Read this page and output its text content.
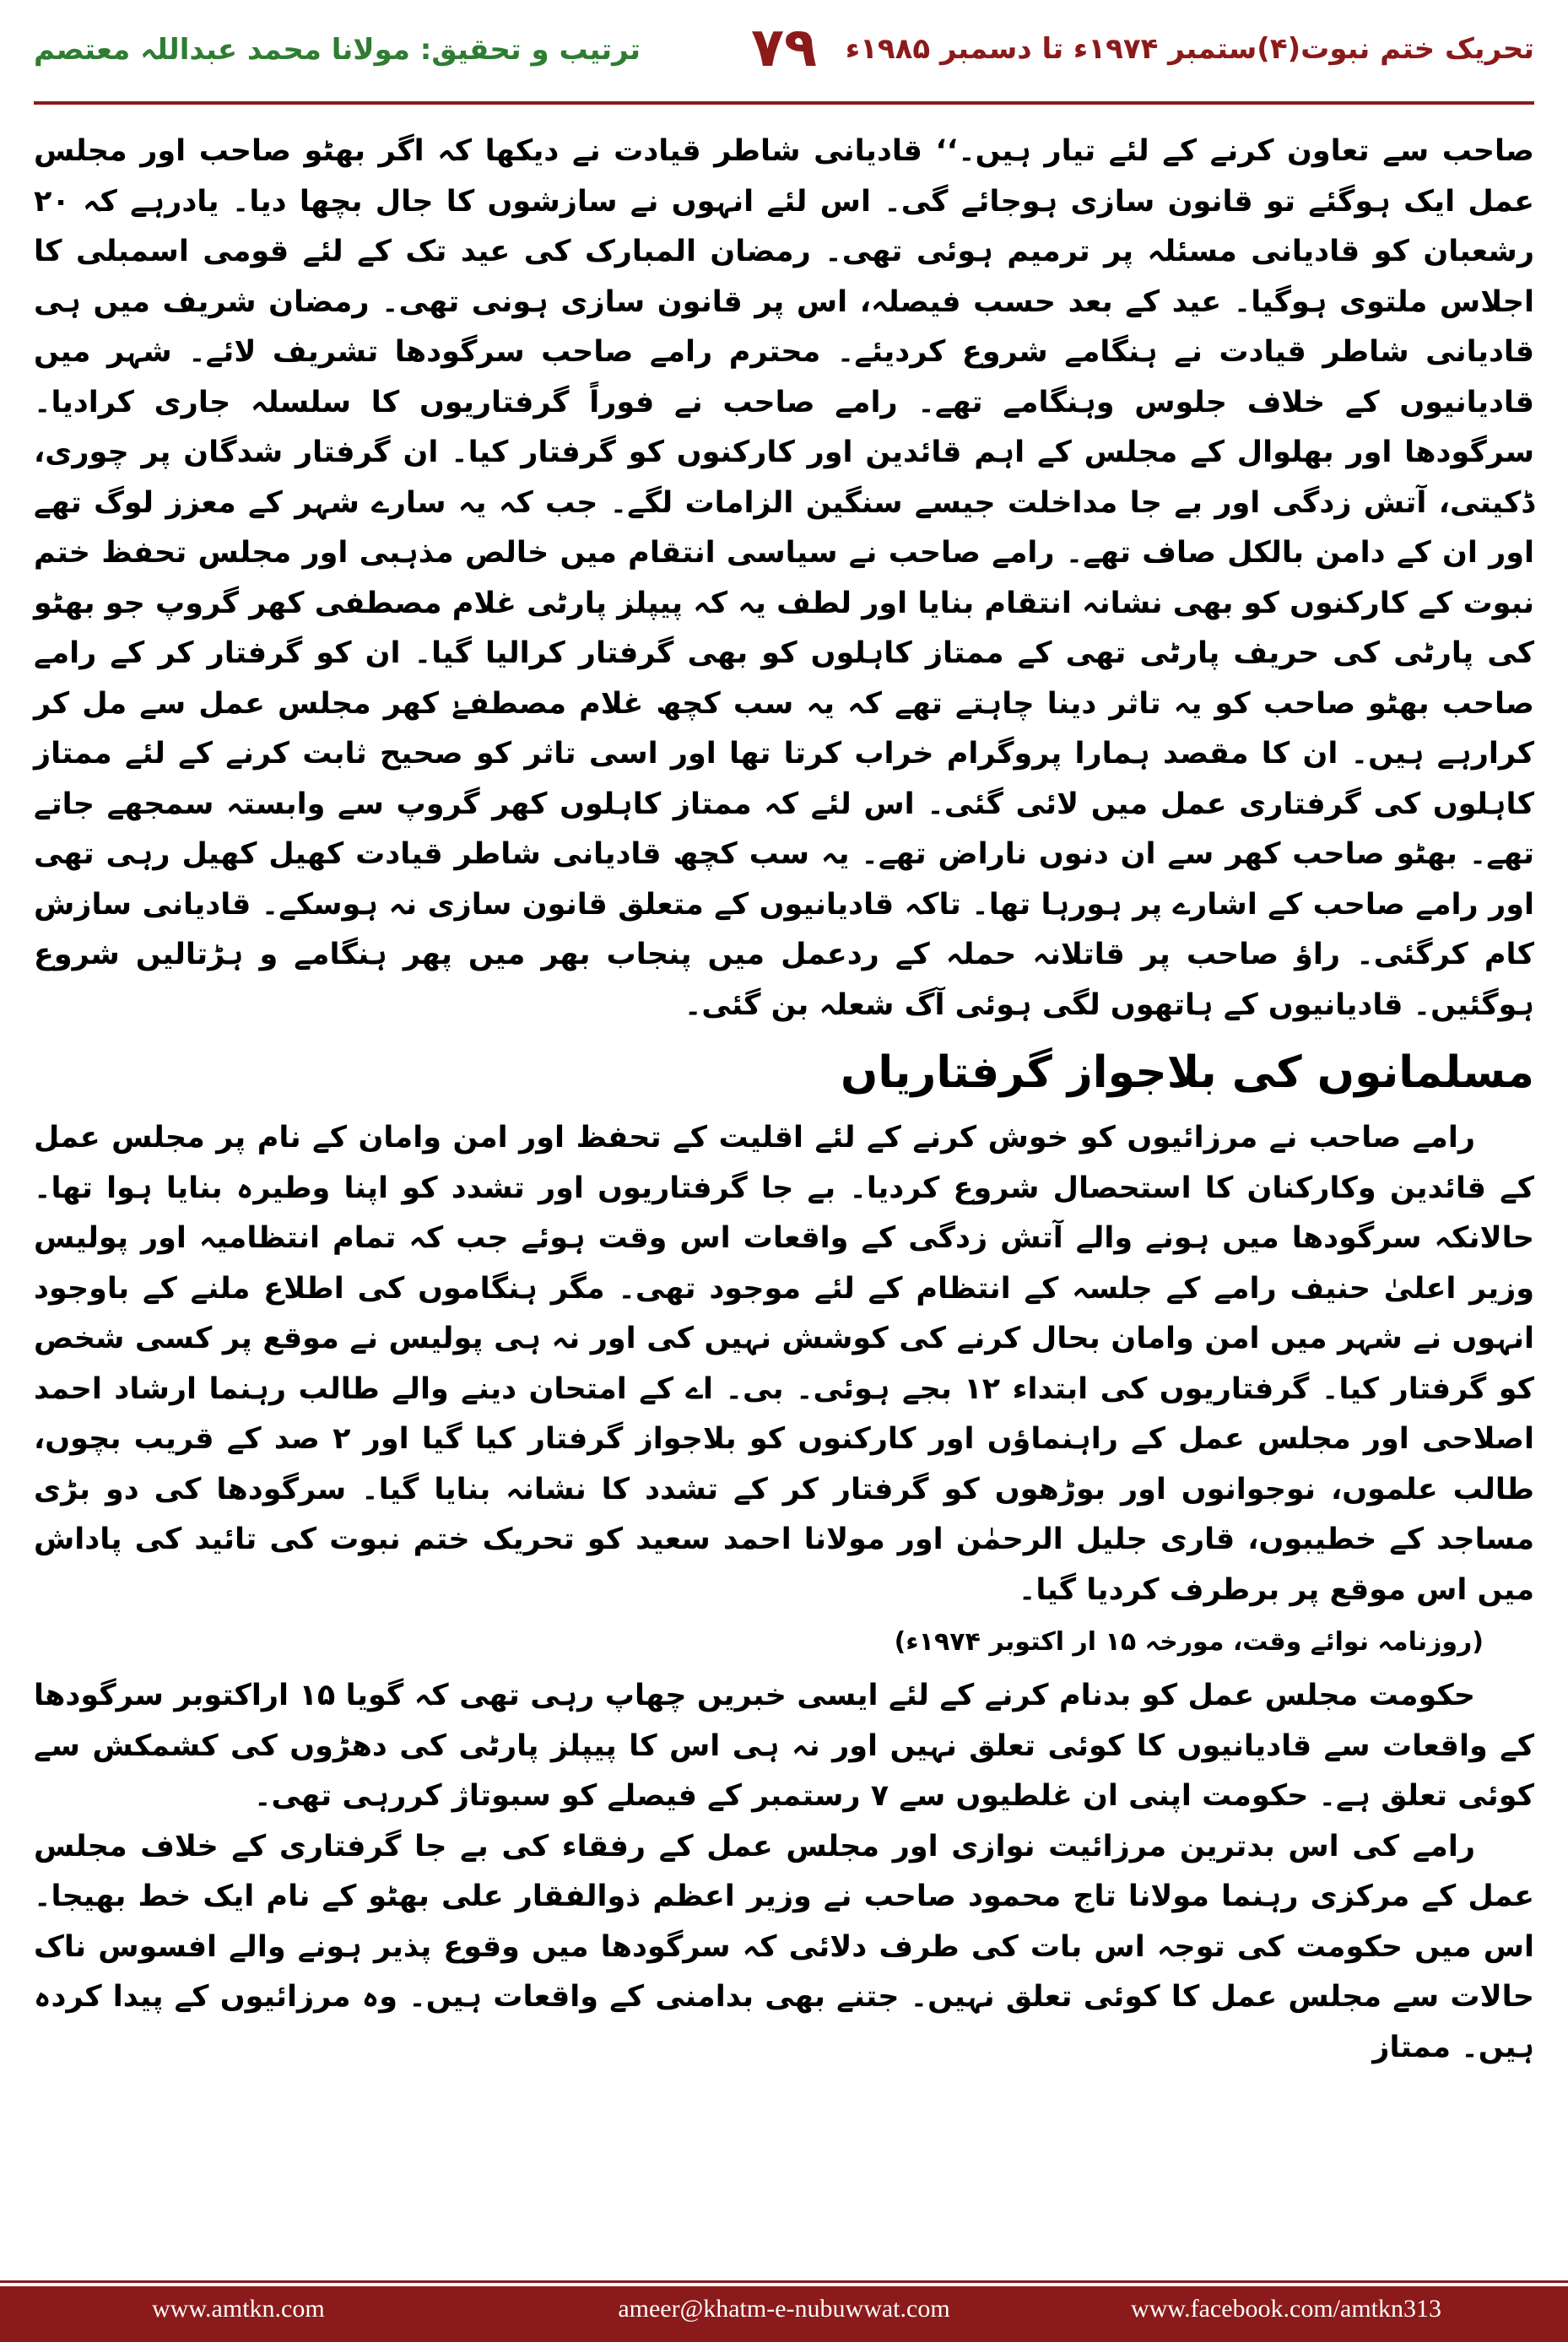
تحریک ختم نبوت(۴)ستمبر ۱۹۷۴ء تا دسمبر ۱۹۸۵ء
۷۹
ترتیب و تحقیق: مولانا محمد عبداللہ معتصم

صاحب سے تعاون کرنے کے لئے تیار ہیں۔‘‘ قادیانی شاطر قیادت نے دیکھا کہ اگر بھٹو صاحب اور مجلس عمل ایک ہوگئے تو قانون سازی ہوجائے گی۔ اس لئے انہوں نے سازشوں کا جال بچھا دیا۔ یادرہے کہ ۲۰ رشعبان کو قادیانی مسئلہ پر ترمیم ہوئی تھی۔ رمضان المبارک کی عید تک کے لئے قومی اسمبلی کا اجلاس ملتوی ہوگیا۔ عید کے بعد حسب فیصلہ، اس پر قانون سازی ہونی تھی۔ رمضان شریف میں ہی قادیانی شاطر قیادت نے ہنگامے شروع کردیئے۔ محترم رامے صاحب سرگودھا تشریف لائے۔ شہر میں قادیانیوں کے خلاف جلوس وہنگامے تھے۔ رامے صاحب نے فوراً گرفتاریوں کا سلسلہ جاری کرادیا۔ سرگودھا اور بھلوال کے مجلس کے اہم قائدین اور کارکنوں کو گرفتار کیا۔ ان گرفتار شدگان پر چوری، ڈکیتی، آتش زدگی اور بے جا مداخلت جیسے سنگین الزامات لگے۔ جب کہ یہ سارے شہر کے معزز لوگ تھے اور ان کے دامن بالکل صاف تھے۔ رامے صاحب نے سیاسی انتقام میں خالص مذہبی اور مجلس تحفظ ختم نبوت کے کارکنوں کو بھی نشانہ انتقام بنایا اور لطف یہ کہ پیپلز پارٹی غلام مصطفی کھر گروپ جو بھٹو کی پارٹی کی حریف پارٹی تھی کے ممتاز کاہلوں کو بھی گرفتار کرالیا گیا۔ ان کو گرفتار کر کے رامے صاحب بھٹو صاحب کو یہ تاثر دینا چاہتے تھے کہ یہ سب کچھ غلام مصطفےٰ کھر مجلس عمل سے مل کر کرارہے ہیں۔ ان کا مقصد ہمارا پروگرام خراب کرتا تھا اور اسی تاثر کو صحیح ثابت کرنے کے لئے ممتاز کاہلوں کی گرفتاری عمل میں لائی گئی۔ اس لئے کہ ممتاز کاہلوں کھر گروپ سے وابستہ سمجھے جاتے تھے۔ بھٹو صاحب کھر سے ان دنوں ناراض تھے۔ یہ سب کچھ قادیانی شاطر قیادت کھیل کھیل رہی تھی اور رامے صاحب کے اشارے پر ہورہا تھا۔ تاکہ قادیانیوں کے متعلق قانون سازی نہ ہوسکے۔ قادیانی سازش کام کرگئی۔ راؤ صاحب پر قاتلانہ حملہ کے ردعمل میں پنجاب بھر میں پھر ہنگامے و ہڑتالیں شروع ہوگئیں۔ قادیانیوں کے ہاتھوں لگی ہوئی آگ شعلہ بن گئی۔

مسلمانوں کی بلاجواز گرفتاریاں

رامے صاحب نے مرزائیوں کو خوش کرنے کے لئے اقلیت کے تحفظ اور امن وامان کے نام پر مجلس عمل کے قائدین وکارکنان کا استحصال شروع کردیا۔ بے جا گرفتاریوں اور تشدد کو اپنا وطیرہ بنایا ہوا تھا۔ حالانکہ سرگودھا میں ہونے والے آتش زدگی کے واقعات اس وقت ہوئے جب کہ تمام انتظامیہ اور پولیس وزیر اعلیٰ حنیف رامے کے جلسہ کے انتظام کے لئے موجود تھی۔ مگر ہنگاموں کی اطلاع ملنے کے باوجود انہوں نے شہر میں امن وامان بحال کرنے کی کوشش نہیں کی اور نہ ہی پولیس نے موقع پر کسی شخص کو گرفتار کیا۔ گرفتاریوں کی ابتداء ۱۲ بجے ہوئی۔ بی۔ اے کے امتحان دینے والے طالب رہنما ارشاد احمد اصلاحی اور مجلس عمل کے راہنماؤں اور کارکنوں کو بلاجواز گرفتار کیا گیا اور ۲ صد کے قریب بچوں، طالب علموں، نوجوانوں اور بوڑھوں کو گرفتار کر کے تشدد کا نشانہ بنایا گیا۔ سرگودھا کی دو بڑی مساجد کے خطیبوں، قاری جلیل الرحمٰن اور مولانا احمد سعید کو تحریک ختم نبوت کی تائید کی پاداش میں اس موقع پر برطرف کردیا گیا۔

(روزنامہ نوائے وقت، مورخہ ۱۵ ار اکتوبر ۱۹۷۴ء)

حکومت مجلس عمل کو بدنام کرنے کے لئے ایسی خبریں چھاپ رہی تھی کہ گویا ۱۵ اراکتوبر سرگودھا کے واقعات سے قادیانیوں کا کوئی تعلق نہیں اور نہ ہی اس کا پیپلز پارٹی کی دھڑوں کی کشمکش سے کوئی تعلق ہے۔ حکومت اپنی ان غلطیوں سے ۷ رستمبر کے فیصلے کو سبوتاژ کررہی تھی۔

رامے کی اس بدترین مرزائیت نوازی اور مجلس عمل کے رفقاء کی بے جا گرفتاری کے خلاف مجلس عمل کے مرکزی رہنما مولانا تاج محمود صاحب نے وزیر اعظم ذوالفقار علی بھٹو کے نام ایک خط بھیجا۔ اس میں حکومت کی توجہ اس بات کی طرف دلائی کہ سرگودھا میں وقوع پذیر ہونے والے افسوس ناک حالات سے مجلس عمل کا کوئی تعلق نہیں۔ جتنے بھی بدامنی کے واقعات ہیں۔ وہ مرزائیوں کے پیدا کردہ ہیں۔ ممتاز

www.amtkn.com	ameer@khatm-e-nubuwwat.com	www.facebook.com/amtkn313
